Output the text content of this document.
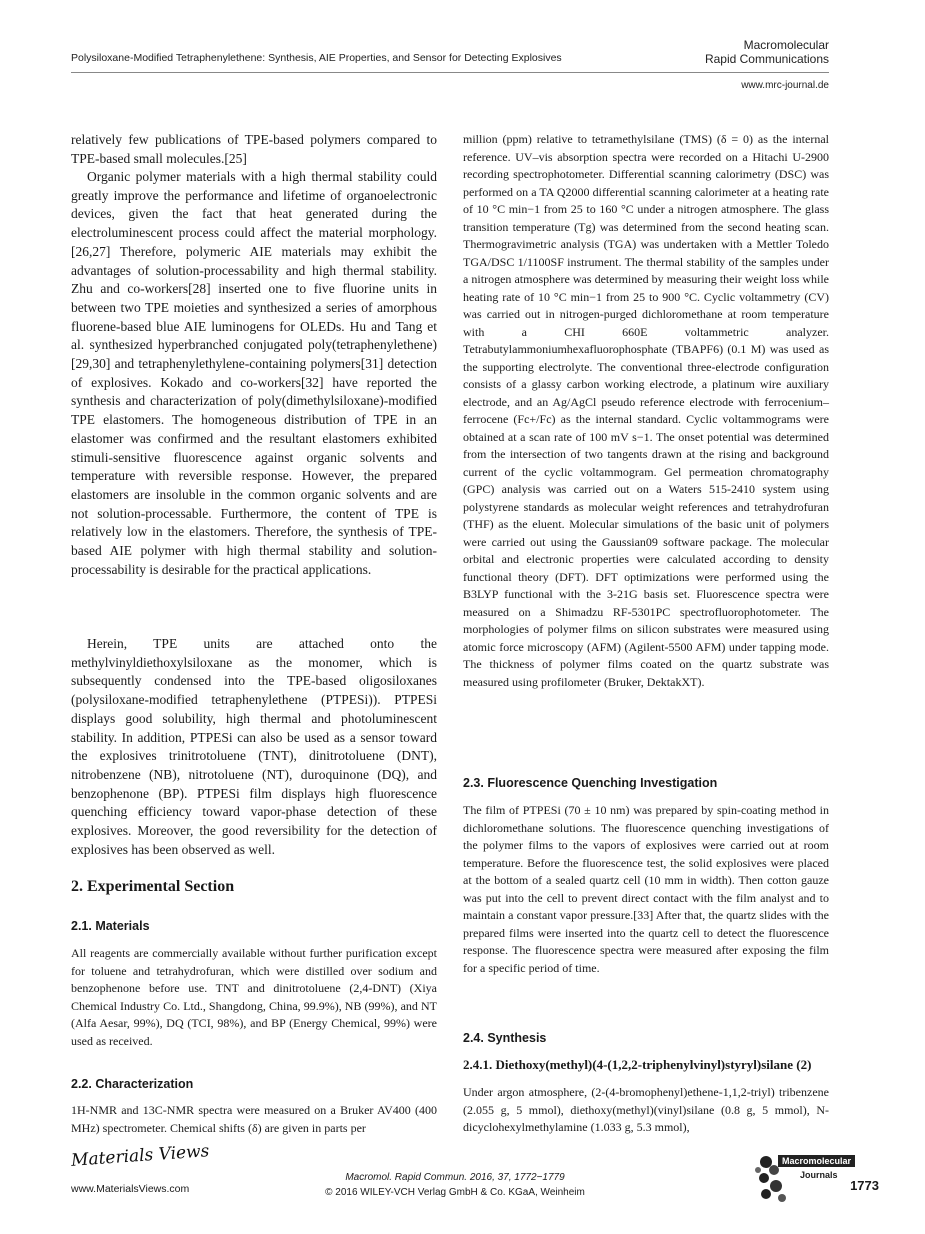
Polysiloxane-Modified Tetraphenylethene: Synthesis, AIE Properties, and Sensor for Detecting Explosives
Macromolecular
Rapid Communications
www.mrc-journal.de

relatively few publications of TPE-based polymers compared to TPE-based small molecules.[25]

Organic polymer materials with a high thermal stability could greatly improve the performance and lifetime of organoelectronic devices, given the fact that heat generated during the electroluminescent process could affect the material morphology.[26,27] Therefore, polymeric AIE materials may exhibit the advantages of solution-processability and high thermal stability. Zhu and co-workers[28] inserted one to five fluorine units in between two TPE moieties and synthesized a series of amorphous fluorene-based blue AIE luminogens for OLEDs. Hu and Tang et al. synthesized hyperbranched conjugated poly(tetraphenylethene)[29,30] and tetraphenylethylene-containing polymers[31] detection of explosives. Kokado and co-workers[32] have reported the synthesis and characterization of poly(dimethylsiloxane)-modified TPE elastomers. The homogeneous distribution of TPE in an elastomer was confirmed and the resultant elastomers exhibited stimuli-sensitive fluorescence against organic solvents and temperature with reversible response. However, the prepared elastomers are insoluble in the common organic solvents and are not solution-processable. Furthermore, the content of TPE is relatively low in the elastomers. Therefore, the synthesis of TPE-based AIE polymer with high thermal stability and solution-processability is desirable for the practical applications.

Herein, TPE units are attached onto the methylvinyldiethoxylsiloxane as the monomer, which is subsequently condensed into the TPE-based oligosiloxanes (polysiloxane-modified tetraphenylethene (PTPESi)). PTPESi displays good solubility, high thermal and photoluminescent stability. In addition, PTPESi can also be used as a sensor toward the explosives trinitrotoluene (TNT), dinitrotoluene (DNT), nitrobenzene (NB), nitrotoluene (NT), duroquinone (DQ), and benzophenone (BP). PTPESi film displays high fluorescence quenching efficiency toward vapor-phase detection of these explosives. Moreover, the good reversibility for the detection of explosives has been observed as well.

2. Experimental Section
2.1. Materials

All reagents are commercially available without further purification except for toluene and tetrahydrofuran, which were distilled over sodium and benzophenone before use. TNT and dinitrotoluene (2,4-DNT) (Xiya Chemical Industry Co. Ltd., Shangdong, China, 99.9%), NB (99%), and NT (Alfa Aesar, 99%), DQ (TCI, 98%), and BP (Energy Chemical, 99%) were used as received.

2.2. Characterization

1H-NMR and 13C-NMR spectra were measured on a Bruker AV400 (400 MHz) spectrometer. Chemical shifts (δ) are given in parts per

million (ppm) relative to tetramethylsilane (TMS) (δ = 0) as the internal reference. UV–vis absorption spectra were recorded on a Hitachi U-2900 recording spectrophotometer. Differential scanning calorimetry (DSC) was performed on a TA Q2000 differential scanning calorimeter at a heating rate of 10 °C min−1 from 25 to 160 °C under a nitrogen atmosphere. The glass transition temperature (Tg) was determined from the second heating scan. Thermogravimetric analysis (TGA) was undertaken with a Mettler Toledo TGA/DSC 1/1100SF instrument. The thermal stability of the samples under a nitrogen atmosphere was determined by measuring their weight loss while heating rate of 10 °C min−1 from 25 to 900 °C. Cyclic voltammetry (CV) was carried out in nitrogen-purged dichloromethane at room temperature with a CHI 660E voltammetric analyzer. Tetrabutylammoniumhexafluorophosphate (TBAPF6) (0.1 M) was used as the supporting electrolyte. The conventional three-electrode configuration consists of a glassy carbon working electrode, a platinum wire auxiliary electrode, and an Ag/AgCl pseudo reference electrode with ferrocenium–ferrocene (Fc+/Fc) as the internal standard. Cyclic voltammograms were obtained at a scan rate of 100 mV s−1. The onset potential was determined from the intersection of two tangents drawn at the rising and background current of the cyclic voltammogram. Gel permeation chromatography (GPC) analysis was carried out on a Waters 515-2410 system using polystyrene standards as molecular weight references and tetrahydrofuran (THF) as the eluent. Molecular simulations of the basic unit of polymers were carried out using the Gaussian09 software package. The molecular orbital and electronic properties were calculated according to density functional theory (DFT). DFT optimizations were performed using the B3LYP functional with the 3-21G basis set. Fluorescence spectra were measured on a Shimadzu RF-5301PC spectrofluorophotometer. The morphologies of polymer films on silicon substrates were measured using atomic force microscopy (AFM) (Agilent-5500 AFM) under tapping mode. The thickness of polymer films coated on the quartz substrate was measured using profilometer (Bruker, DektakXT).

2.3. Fluorescence Quenching Investigation

The film of PTPESi (70 ± 10 nm) was prepared by spin-coating method in dichloromethane solutions. The fluorescence quenching investigations of the polymer films to the vapors of explosives were carried out at room temperature. Before the fluorescence test, the solid explosives were placed at the bottom of a sealed quartz cell (10 mm in width). Then cotton gauze was put into the cell to prevent direct contact with the film analyst and to maintain a constant vapor pressure.[33] After that, the quartz slides with the prepared films were inserted into the quartz cell to detect the fluorescence response. The fluorescence spectra were measured after exposing the film for a specific period of time.

2.4. Synthesis
2.4.1. Diethoxy(methyl)(4-(1,2,2-triphenylvinyl)styryl)silane (2)

Under argon atmosphere, (2-(4-bromophenyl)ethene-1,1,2-triyl) tribenzene (2.055 g, 5 mmol), diethoxy(methyl)(vinyl)silane (0.8 g, 5 mmol), N-dicyclohexylmethylamine (1.033 g, 5.3 mmol),

Materials Views
www.MaterialsViews.com
Macromol. Rapid Commun. 2016, 37, 1772−1779
© 2016 WILEY-VCH Verlag GmbH & Co. KGaA, Weinheim
Macromolecular
Journals
1773
